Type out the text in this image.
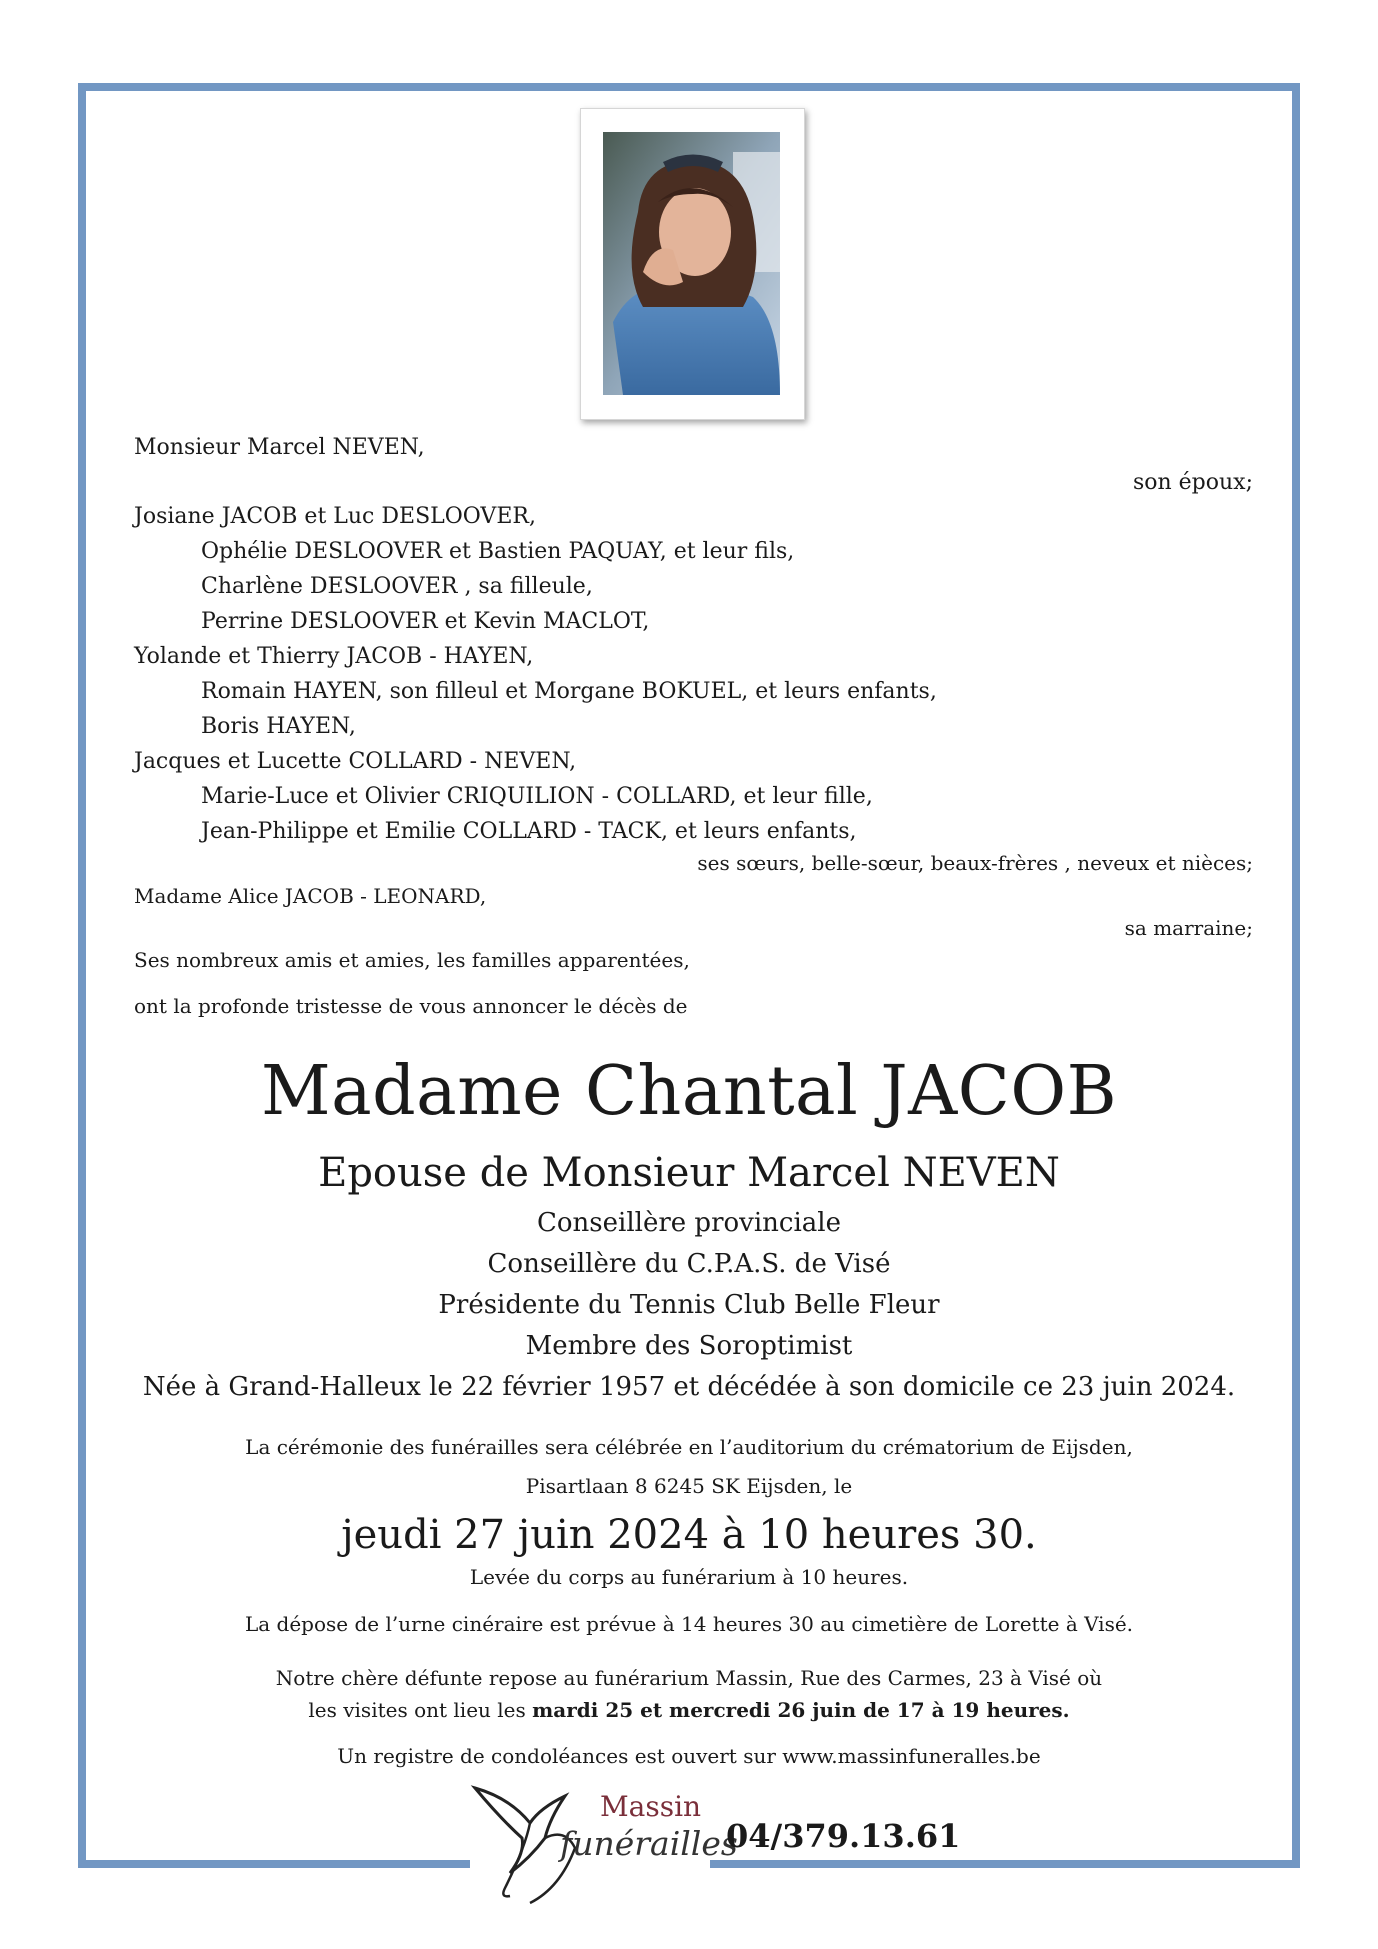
Monsieur Marcel NEVEN,
son époux;
Josiane JACOB et Luc DESLOOVER,
Ophélie DESLOOVER et Bastien PAQUAY, et leur fils,
Charlène DESLOOVER , sa filleule,
Perrine DESLOOVER et Kevin MACLOT,
Yolande et Thierry JACOB - HAYEN,
Romain HAYEN, son filleul et Morgane BOKUEL, et leurs enfants,
Boris HAYEN,
Jacques et Lucette COLLARD - NEVEN,
Marie-Luce et Olivier CRIQUILION - COLLARD, et leur fille,
Jean-Philippe et Emilie COLLARD - TACK, et leurs enfants,
ses sœurs, belle-sœur, beaux-frères , neveux et nièces;
Madame Alice JACOB - LEONARD,
sa marraine;
Ses nombreux amis et amies, les familles apparentées,
ont la profonde tristesse de vous annoncer le décès de
Madame Chantal JACOB
Epouse de Monsieur Marcel NEVEN
Conseillère provinciale
Conseillère du C.P.A.S. de Visé
Présidente du Tennis Club Belle Fleur
Membre des Soroptimist
Née à Grand-Halleux le 22 février 1957 et décédée à son domicile ce 23 juin 2024.
La cérémonie des funérailles sera célébrée en l’auditorium du crématorium de Eijsden,
Pisartlaan 8 6245 SK Eijsden, le
jeudi 27 juin 2024 à 10 heures 30.
Levée du corps au funérarium à 10 heures.
La dépose de l’urne cinéraire est prévue à 14 heures 30 au cimetière de Lorette à Visé.
Notre chère défunte repose au funérarium Massin, Rue des Carmes, 23 à Visé où
les visites ont lieu les mardi 25 et mercredi 26 juin de 17 à 19 heures.
Un registre de condoléances est ouvert sur www.massinfuneralles.be
Massin
funérailles
04/379.13.61
